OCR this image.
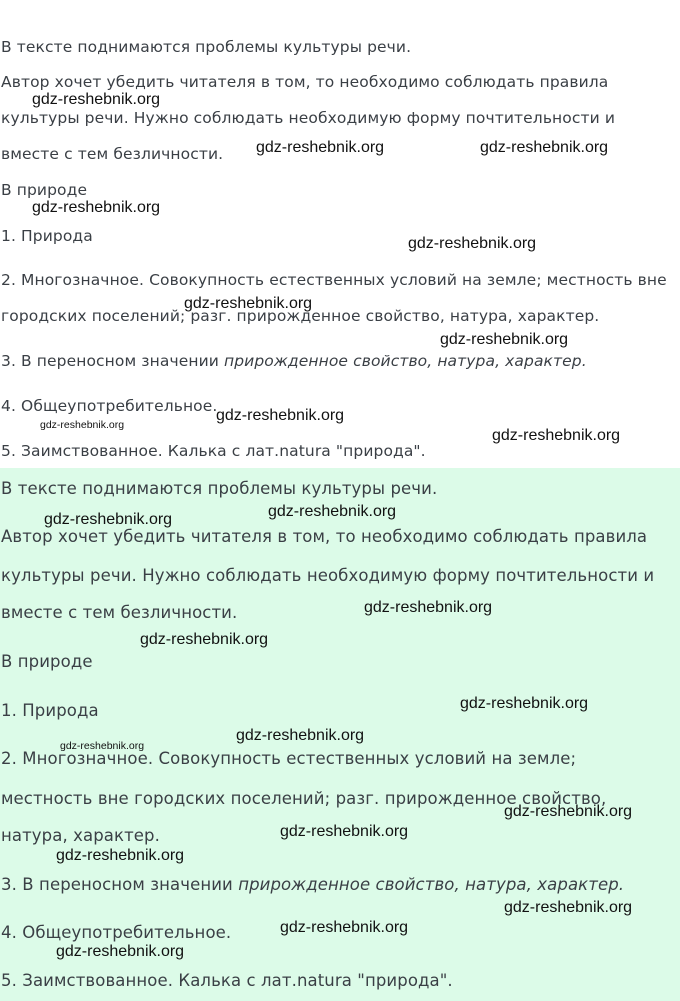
В тексте поднимаются проблемы культуры речи.
Автор хочет убедить читателя в том, то необходимо соблюдать правила
культуры речи. Нужно соблюдать необходимую форму почтительности и
вместе с тем безличности.
В природе
1. Природа
2. Многозначное. Совокупность естественных условий на земле; местность вне
городских поселений; разг. прирожденное свойство, натура, характер.
3. В переносном значении прирожденное свойство, натура, характер.
4. Общеупотребительное.
5. Заимствованное. Калька с лат.natura "природа".
В тексте поднимаются проблемы культуры речи.
Автор хочет убедить читателя в том, то необходимо соблюдать правила
культуры речи. Нужно соблюдать необходимую форму почтительности и
вместе с тем безличности.
В природе
1. Природа
2. Многозначное. Совокупность естественных условий на земле;
местность вне городских поселений; разг. прирожденное свойство,
натура, характер.
3. В переносном значении прирожденное свойство, натура, характер.
4. Общеупотребительное.
5. Заимствованное. Калька с лат.natura "природа".
gdz-reshebnik.org
gdz-reshebnik.org	gdz-reshebnik.org
gdz-reshebnik.org
gdz-reshebnik.org
gdz-reshebnik.org
gdz-reshebnik.org
gdz-reshebnik.org
gdz-reshebnik.org
gdz-reshebnik.org
gdz-reshebnik.org
gdz-reshebnik.org
gdz-reshebnik.org
gdz-reshebnik.org
gdz-reshebnik.org
gdz-reshebnik.org
gdz-reshebnik.org
gdz-reshebnik.org
gdz-reshebnik.org
gdz-reshebnik.org
gdz-reshebnik.org
gdz-reshebnik.org
gdz-reshebnik.org
